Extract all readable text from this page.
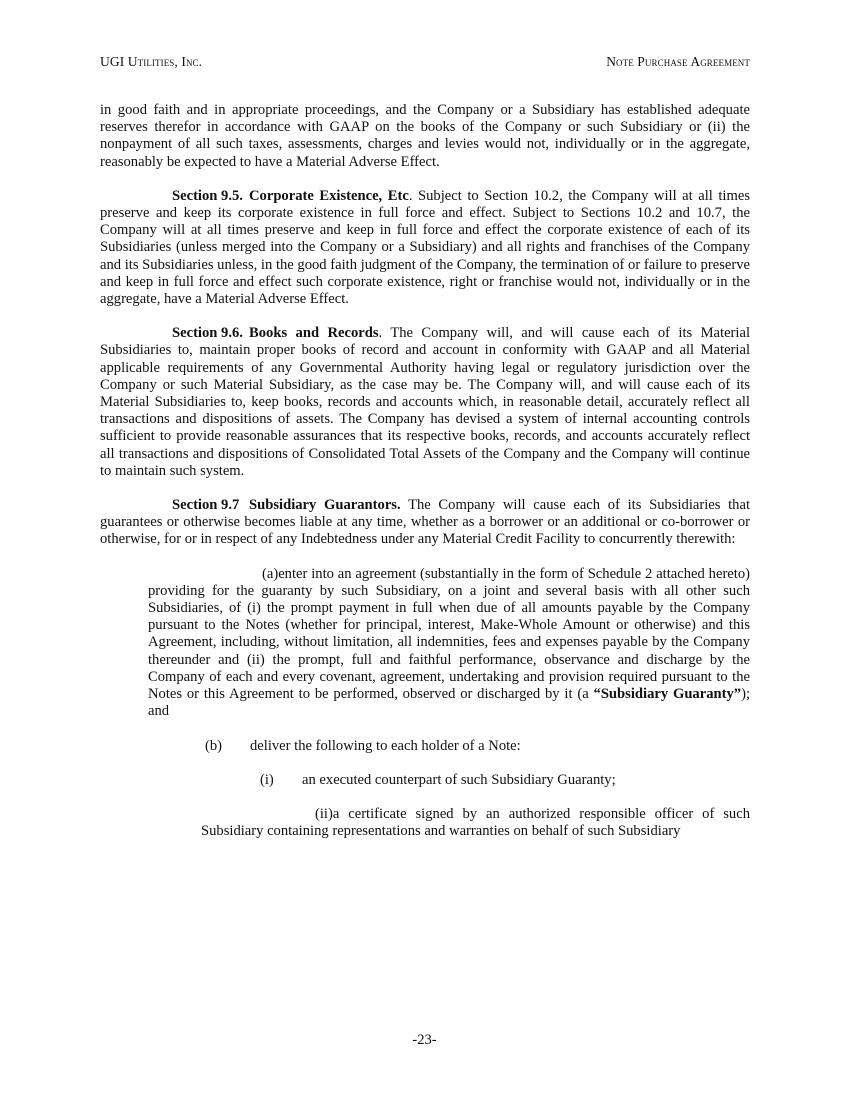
UGI Utilities, Inc.	Note Purchase Agreement

in good faith and in appropriate proceedings, and the Company or a Subsidiary has established adequate reserves therefor in accordance with GAAP on the books of the Company or such Subsidiary or (ii) the nonpayment of all such taxes, assessments, charges and levies would not, individually or in the aggregate, reasonably be expected to have a Material Adverse Effect.

Section 9.5. Corporate Existence, Etc. Subject to Section 10.2, the Company will at all times preserve and keep its corporate existence in full force and effect. Subject to Sections 10.2 and 10.7, the Company will at all times preserve and keep in full force and effect the corporate existence of each of its Subsidiaries (unless merged into the Company or a Subsidiary) and all rights and franchises of the Company and its Subsidiaries unless, in the good faith judgment of the Company, the termination of or failure to preserve and keep in full force and effect such corporate existence, right or franchise would not, individually or in the aggregate, have a Material Adverse Effect.

Section 9.6. Books and Records. The Company will, and will cause each of its Material Subsidiaries to, maintain proper books of record and account in conformity with GAAP and all Material applicable requirements of any Governmental Authority having legal or regulatory jurisdiction over the Company or such Material Subsidiary, as the case may be. The Company will, and will cause each of its Material Subsidiaries to, keep books, records and accounts which, in reasonable detail, accurately reflect all transactions and dispositions of assets. The Company has devised a system of internal accounting controls sufficient to provide reasonable assurances that its respective books, records, and accounts accurately reflect all transactions and dispositions of Consolidated Total Assets of the Company and the Company will continue to maintain such system.

Section 9.7 Subsidiary Guarantors. The Company will cause each of its Subsidiaries that guarantees or otherwise becomes liable at any time, whether as a borrower or an additional or co-borrower or otherwise, for or in respect of any Indebtedness under any Material Credit Facility to concurrently therewith:

(a)enter into an agreement (substantially in the form of Schedule 2 attached hereto) providing for the guaranty by such Subsidiary, on a joint and several basis with all other such Subsidiaries, of (i) the prompt payment in full when due of all amounts payable by the Company pursuant to the Notes (whether for principal, interest, Make-Whole Amount or otherwise) and this Agreement, including, without limitation, all indemnities, fees and expenses payable by the Company thereunder and (ii) the prompt, full and faithful performance, observance and discharge by the Company of each and every covenant, agreement, undertaking and provision required pursuant to the Notes or this Agreement to be performed, observed or discharged by it (a “Subsidiary Guaranty”); and

(b) deliver the following to each holder of a Note:

(i) an executed counterpart of such Subsidiary Guaranty;

(ii)a certificate signed by an authorized responsible officer of such Subsidiary containing representations and warranties on behalf of such Subsidiary

-23-
